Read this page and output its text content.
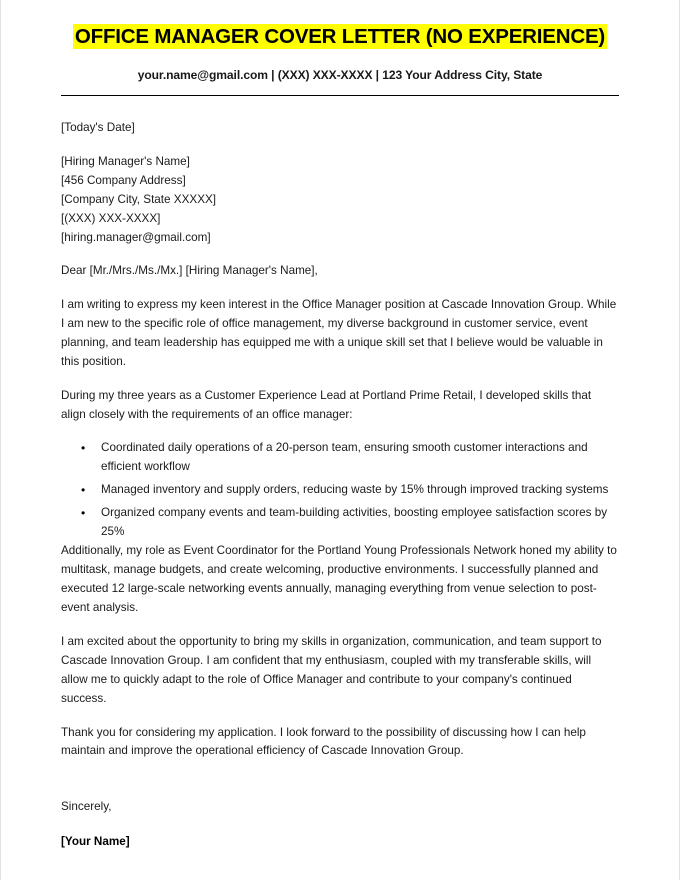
OFFICE MANAGER COVER LETTER (NO EXPERIENCE)
your.name@gmail.com | (XXX) XXX-XXXX | 123 Your Address City, State

[Today's Date]

[Hiring Manager's Name]
[456 Company Address]
[Company City, State XXXXX]
[(XXX) XXX-XXXX]
[hiring.manager@gmail.com]

Dear [Mr./Mrs./Ms./Mx.] [Hiring Manager's Name],

I am writing to express my keen interest in the Office Manager position at Cascade Innovation Group. While I am new to the specific role of office management, my diverse background in customer service, event planning, and team leadership has equipped me with a unique skill set that I believe would be valuable in this position.

During my three years as a Customer Experience Lead at Portland Prime Retail, I developed skills that align closely with the requirements of an office manager:

• Coordinated daily operations of a 20-person team, ensuring smooth customer interactions and efficient workflow
• Managed inventory and supply orders, reducing waste by 15% through improved tracking systems
• Organized company events and team-building activities, boosting employee satisfaction scores by 25%

Additionally, my role as Event Coordinator for the Portland Young Professionals Network honed my ability to multitask, manage budgets, and create welcoming, productive environments. I successfully planned and executed 12 large-scale networking events annually, managing everything from venue selection to post-event analysis.

I am excited about the opportunity to bring my skills in organization, communication, and team support to Cascade Innovation Group. I am confident that my enthusiasm, coupled with my transferable skills, will allow me to quickly adapt to the role of Office Manager and contribute to your company's continued success.

Thank you for considering my application. I look forward to the possibility of discussing how I can help maintain and improve the operational efficiency of Cascade Innovation Group.

Sincerely,

[Your Name]
